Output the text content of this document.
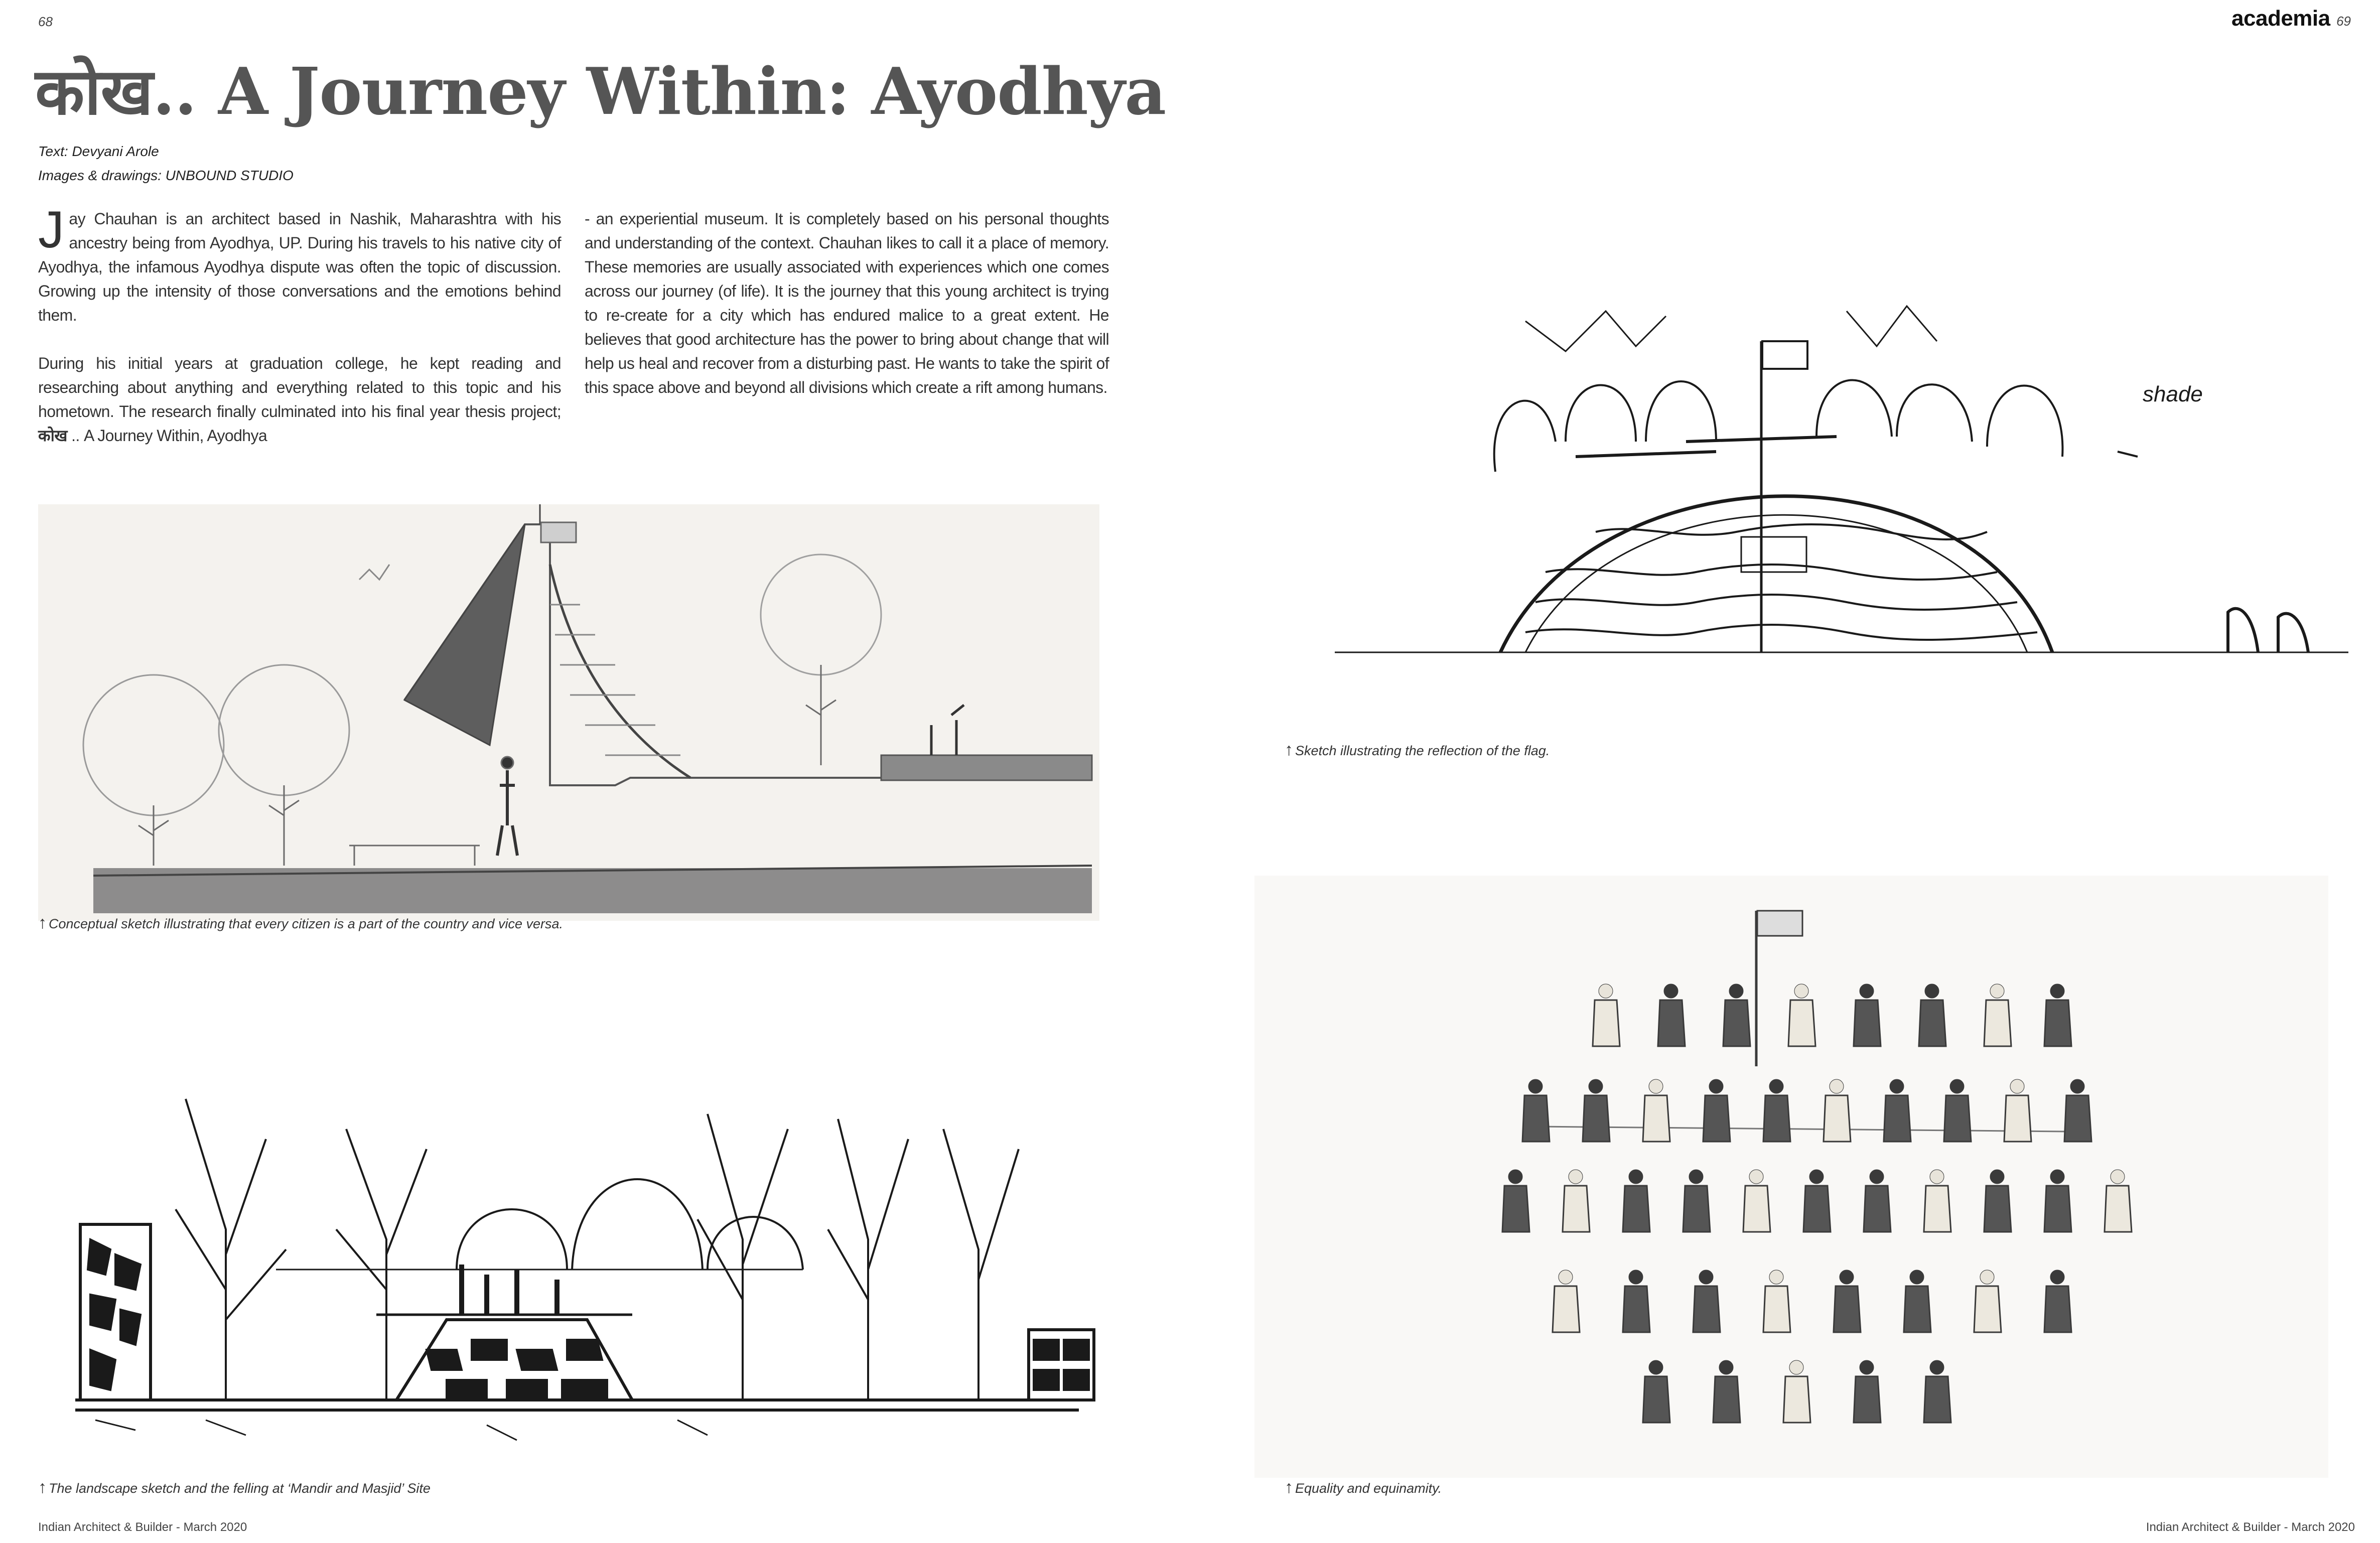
68	academia 69
कोख.. A Journey Within: Ayodhya
Text: Devyani Arole
Images & drawings: UNBOUND STUDIO

Jay Chauhan is an architect based in Nashik, Maharashtra with his ancestry being from Ayodhya, UP. During his travels to his native city of Ayodhya, the infamous Ayodhya dispute was often the topic of discussion. Growing up the intensity of those conversations and the emotions behind them.

During his initial years at graduation college, he kept reading and researching about anything and everything related to this topic and his hometown. The research finally culminated into his final year thesis project; कोख .. A Journey Within, Ayodhya

- an experiential museum. It is completely based on his personal thoughts and understanding of the context. Chauhan likes to call it a place of memory. These memories are usually associated with experiences which one comes across our journey (of life). It is the journey that this young architect is trying to re-create for a city which has endured malice to a great extent. He believes that good architecture has the power to bring about change that will help us heal and recover from a disturbing past. He wants to take the spirit of this space above and beyond all divisions which create a rift among humans.	shade
↑ Conceptual sketch illustrating that every citizen is a part of the country and vice versa.
↑ Sketch illustrating the reflection of the flag.
↑ The landscape sketch and the felling at ‘Mandir and Masjid’ Site	↑ Equality and equinamity.
Indian Architect & Builder - March 2020	Indian Architect & Builder - March 2020
